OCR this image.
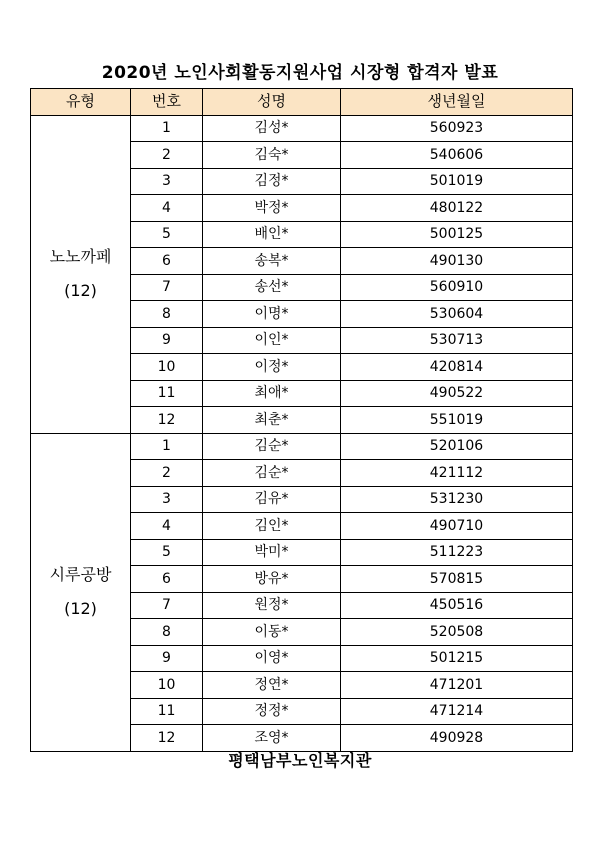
2020년 노인사회활동지원사업 시장형 합격자 발표
유형	번호	성명	생년월일

노노까페
(12)	1	김성*	560923
	2	김숙*	540606
	3	김정*	501019
	4	박정*	480122
	5	배인*	500125
	6	송복*	490130
	7	송선*	560910
	8	이명*	530604
	9	이인*	530713
	10	이정*	420814
	11	최애*	490522
	12	최춘*	551019

시루공방
(12)	1	김순*	520106
	2	김순*	421112
	3	김유*	531230
	4	김인*	490710
	5	박미*	511223
	6	방유*	570815
	7	원정*	450516
	8	이동*	520508
	9	이영*	501215
	10	정연*	471201
	11	정정*	471214
	12	조영*	490928
평택남부노인복지관
